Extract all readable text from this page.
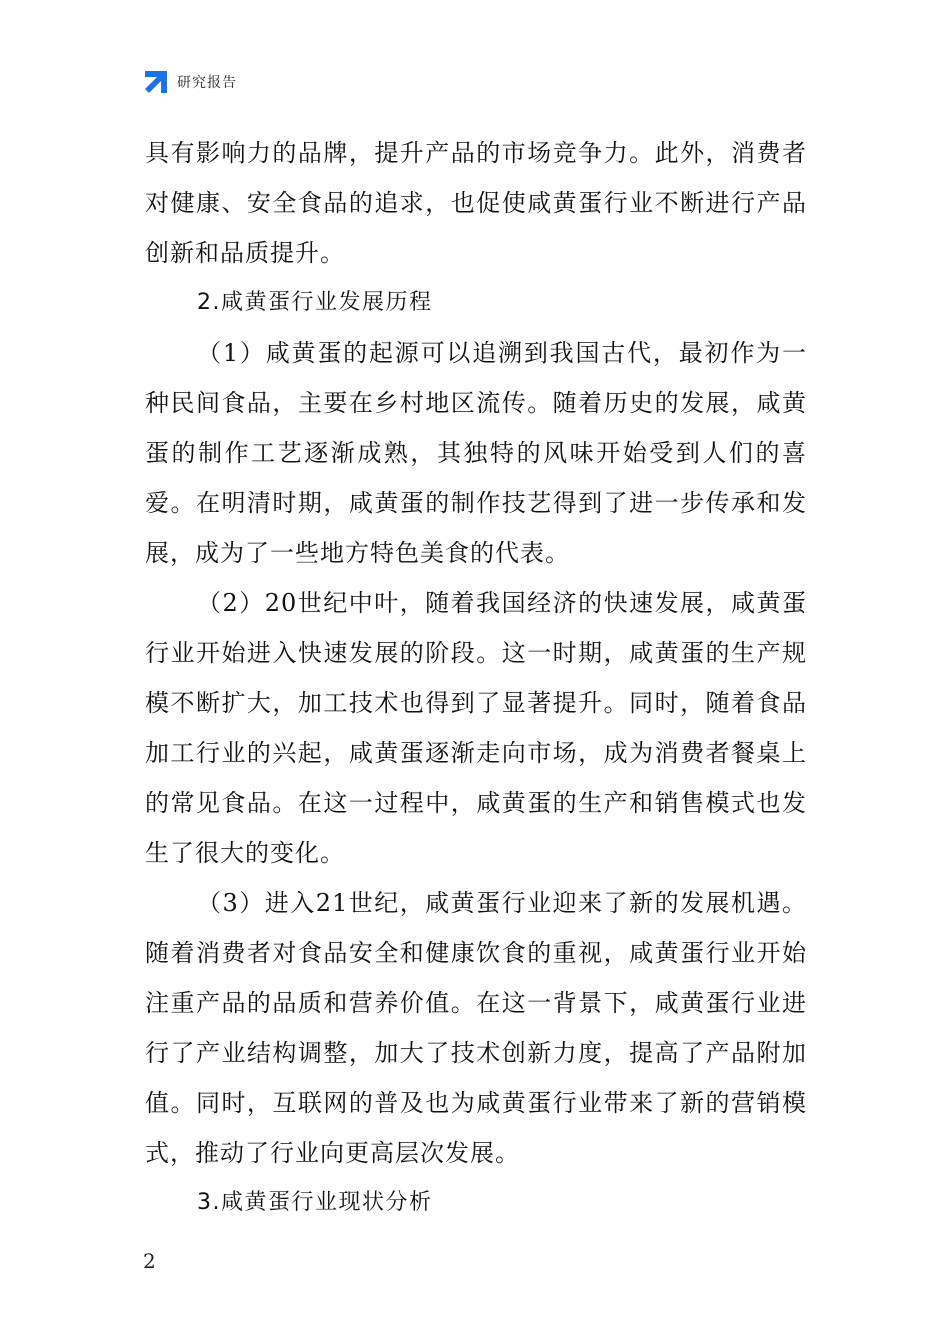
研究报告

具有影响力的品牌，提升产品的市场竞争力。此外，消费者对健康、安全食品的追求，也促使咸黄蛋行业不断进行产品创新和品质提升。

2.咸黄蛋行业发展历程

（1）咸黄蛋的起源可以追溯到我国古代，最初作为一种民间食品，主要在乡村地区流传。随着历史的发展，咸黄蛋的制作工艺逐渐成熟，其独特的风味开始受到人们的喜爱。在明清时期，咸黄蛋的制作技艺得到了进一步传承和发展，成为了一些地方特色美食的代表。

（2）20世纪中叶，随着我国经济的快速发展，咸黄蛋行业开始进入快速发展的阶段。这一时期，咸黄蛋的生产规模不断扩大，加工技术也得到了显著提升。同时，随着食品加工行业的兴起，咸黄蛋逐渐走向市场，成为消费者餐桌上的常见食品。在这一过程中，咸黄蛋的生产和销售模式也发生了很大的变化。

（3）进入21世纪，咸黄蛋行业迎来了新的发展机遇。随着消费者对食品安全和健康饮食的重视，咸黄蛋行业开始注重产品的品质和营养价值。在这一背景下，咸黄蛋行业进行了产业结构调整，加大了技术创新力度，提高了产品附加值。同时，互联网的普及也为咸黄蛋行业带来了新的营销模式，推动了行业向更高层次发展。

3.咸黄蛋行业现状分析

2
